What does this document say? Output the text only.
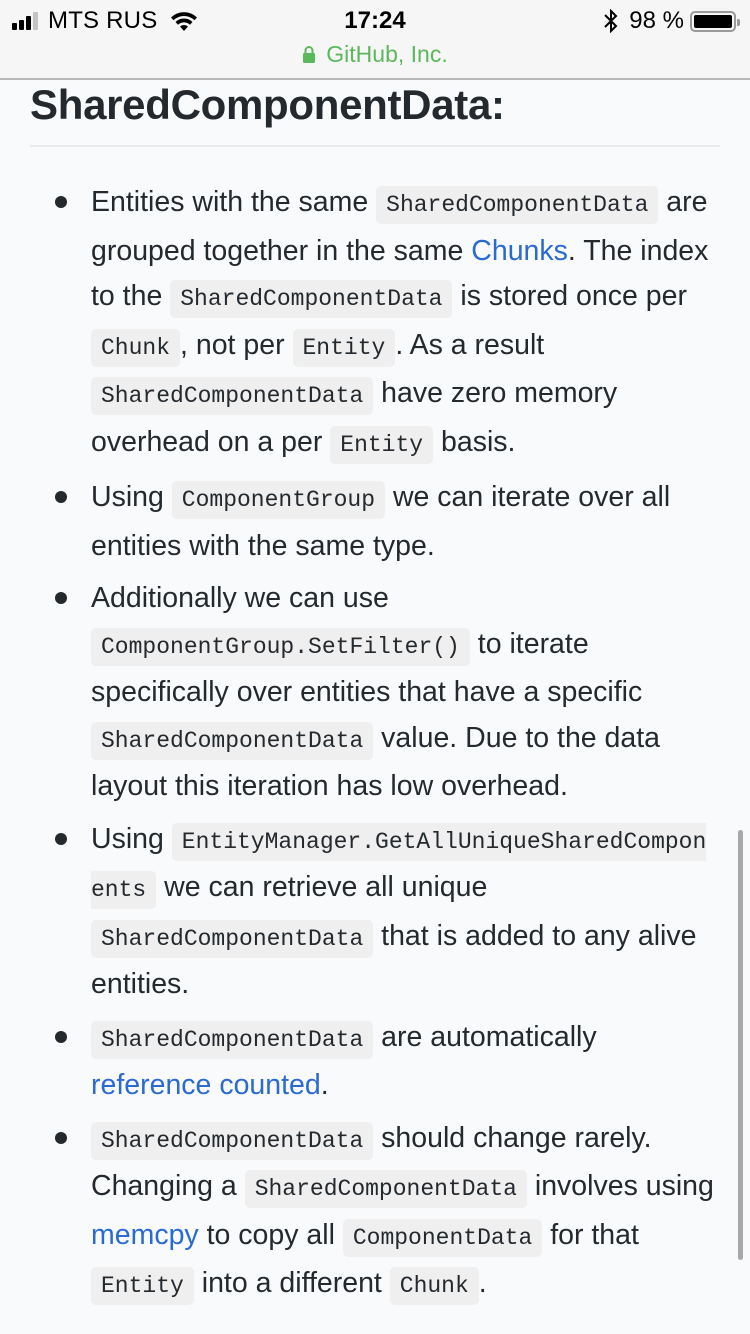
MTS RUS	17:24	98 %
GitHub, Inc.
SharedComponentData:
Entities with the same SharedComponentData are grouped together in the same Chunks. The index to the SharedComponentData is stored once per Chunk , not per Entity . As a result SharedComponentData have zero memory overhead on a per Entity basis.
Using ComponentGroup we can iterate over all entities with the same type.
Additionally we can use ComponentGroup.SetFilter() to iterate specifically over entities that have a specific SharedComponentData value. Due to the data layout this iteration has low overhead.
Using EntityManager.GetAllUniqueSharedComponents we can retrieve all unique SharedComponentData that is added to any alive entities.
SharedComponentData are automatically reference counted.
SharedComponentData should change rarely. Changing a SharedComponentData involves using memcpy to copy all ComponentData for that Entity into a different Chunk .
